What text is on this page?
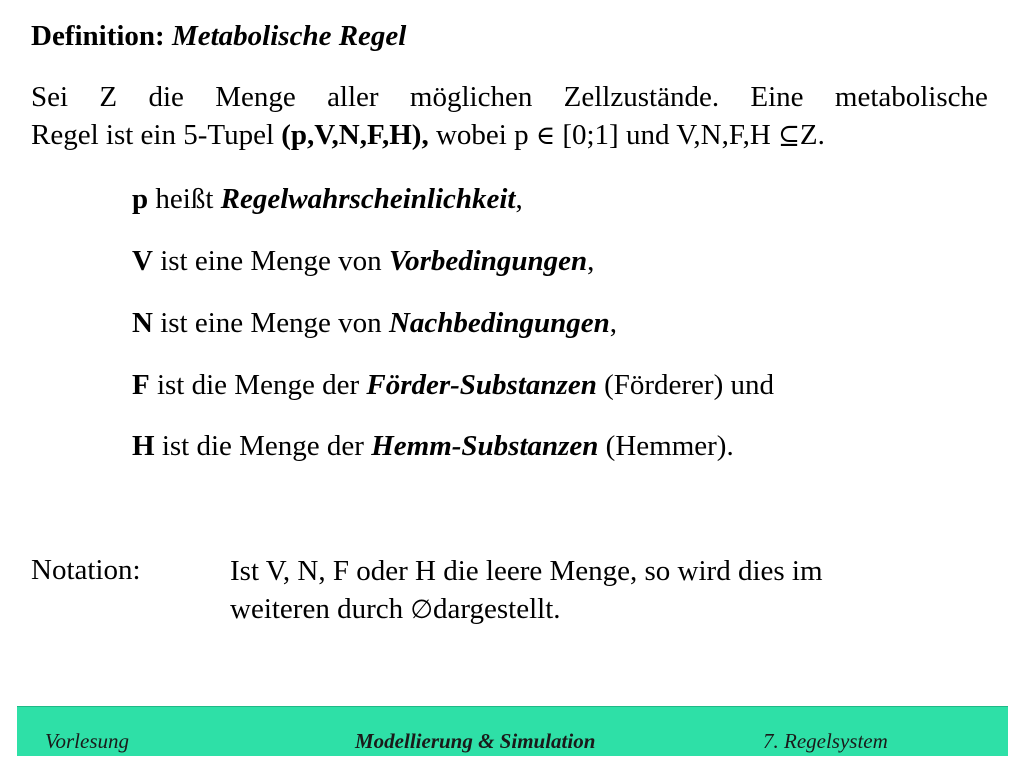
Definition: Metabolische Regel
Sei Z die Menge aller möglichen Zellzustände. Eine metabolische
Regel ist ein 5-Tupel (p,V,N,F,H), wobei p ∈ [0;1] und V,N,F,H ⊆Z.
p heißt Regelwahrscheinlichkeit,
V ist eine Menge von Vorbedingungen,
N ist eine Menge von Nachbedingungen,
F ist die Menge der Förder-Substanzen (Förderer) und
H ist die Menge der Hemm-Substanzen (Hemmer).
Notation:	Ist V, N, F oder H die leere Menge, so wird dies im
weiteren durch ∅dargestellt.
Vorlesung	Modellierung & Simulation	7. Regelsystem
